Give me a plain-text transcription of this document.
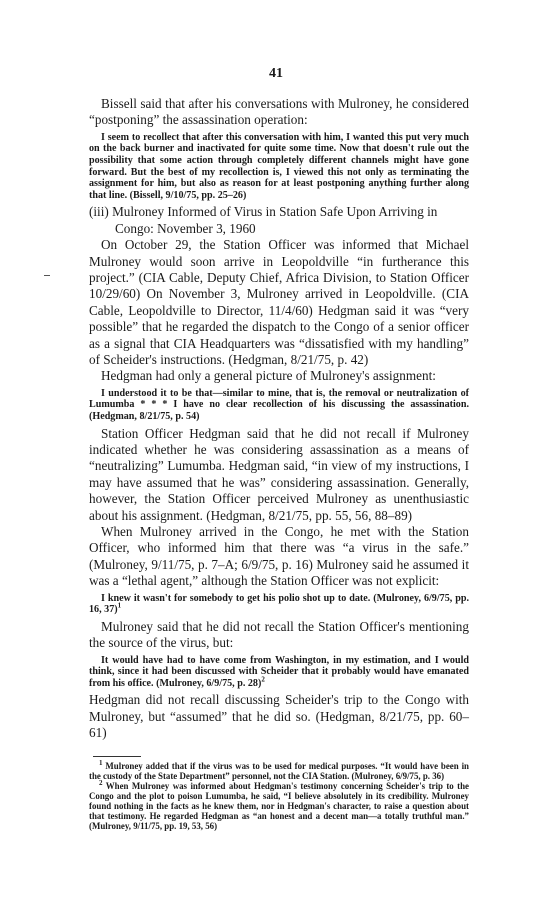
41

Bissell said that after his conversations with Mulroney, he considered “postponing” the assassination operation:

I seem to recollect that after this conversation with him, I wanted this put very much on the back burner and inactivated for quite some time. Now that doesn't rule out the possibility that some action through completely different channels might have gone forward. But the best of my recollection is, I viewed this not only as terminating the assignment for him, but also as reason for at least postponing anything further along that line. (Bissell, 9/10/75, pp. 25–26)

(iii) Mulroney Informed of Virus in Station Safe Upon Arriving in Congo: November 3, 1960

On October 29, the Station Officer was informed that Michael Mulroney would soon arrive in Leopoldville “in furtherance this project.” (CIA Cable, Deputy Chief, Africa Division, to Station Officer 10/29/60) On November 3, Mulroney arrived in Leopoldville. (CIA Cable, Leopoldville to Director, 11/4/60) Hedgman said it was “very possible” that he regarded the dispatch to the Congo of a senior officer as a signal that CIA Headquarters was “dissatisfied with my handling” of Scheider's instructions. (Hedgman, 8/21/75, p. 42)

Hedgman had only a general picture of Mulroney's assignment:

I understood it to be that—similar to mine, that is, the removal or neutralization of Lumumba * * * I have no clear recollection of his discussing the assassination. (Hedgman, 8/21/75, p. 54)

Station Officer Hedgman said that he did not recall if Mulroney indicated whether he was considering assassination as a means of “neutralizing” Lumumba. Hedgman said, “in view of my instructions, I may have assumed that he was” considering assassination. Generally, however, the Station Officer perceived Mulroney as unenthusiastic about his assignment. (Hedgman, 8/21/75, pp. 55, 56, 88–89)

When Mulroney arrived in the Congo, he met with the Station Officer, who informed him that there was “a virus in the safe.” (Mulroney, 9/11/75, p. 7–A; 6/9/75, p. 16) Mulroney said he assumed it was a “lethal agent,” although the Station Officer was not explicit:

I knew it wasn't for somebody to get his polio shot up to date. (Mulroney, 6/9/75, pp. 16, 37)$^1$

Mulroney said that he did not recall the Station Officer's mentioning the source of the virus, but:

It would have had to have come from Washington, in my estimation, and I would think, since it had been discussed with Scheider that it probably would have emanated from his office. (Mulroney, 6/9/75, p. 28)$^2$

Hedgman did not recall discussing Scheider's trip to the Congo with Mulroney, but “assumed” that he did so. (Hedgman, 8/21/75, pp. 60–61)

$^1$ Mulroney added that if the virus was to be used for medical purposes. “It would have been in the custody of the State Department” personnel, not the CIA Station. (Mulroney, 6/9/75, p. 36)

$^2$ When Mulroney was informed about Hedgman's testimony concerning Scheider's trip to the Congo and the plot to poison Lumumba, he said, “I believe absolutely in its credibility. Mulroney found nothing in the facts as he knew them, nor in Hedgman's character, to raise a question about that testimony. He regarded Hedgman as “an honest and a decent man—a totally truthful man.” (Mulroney, 9/11/75, pp. 19, 53, 56)
